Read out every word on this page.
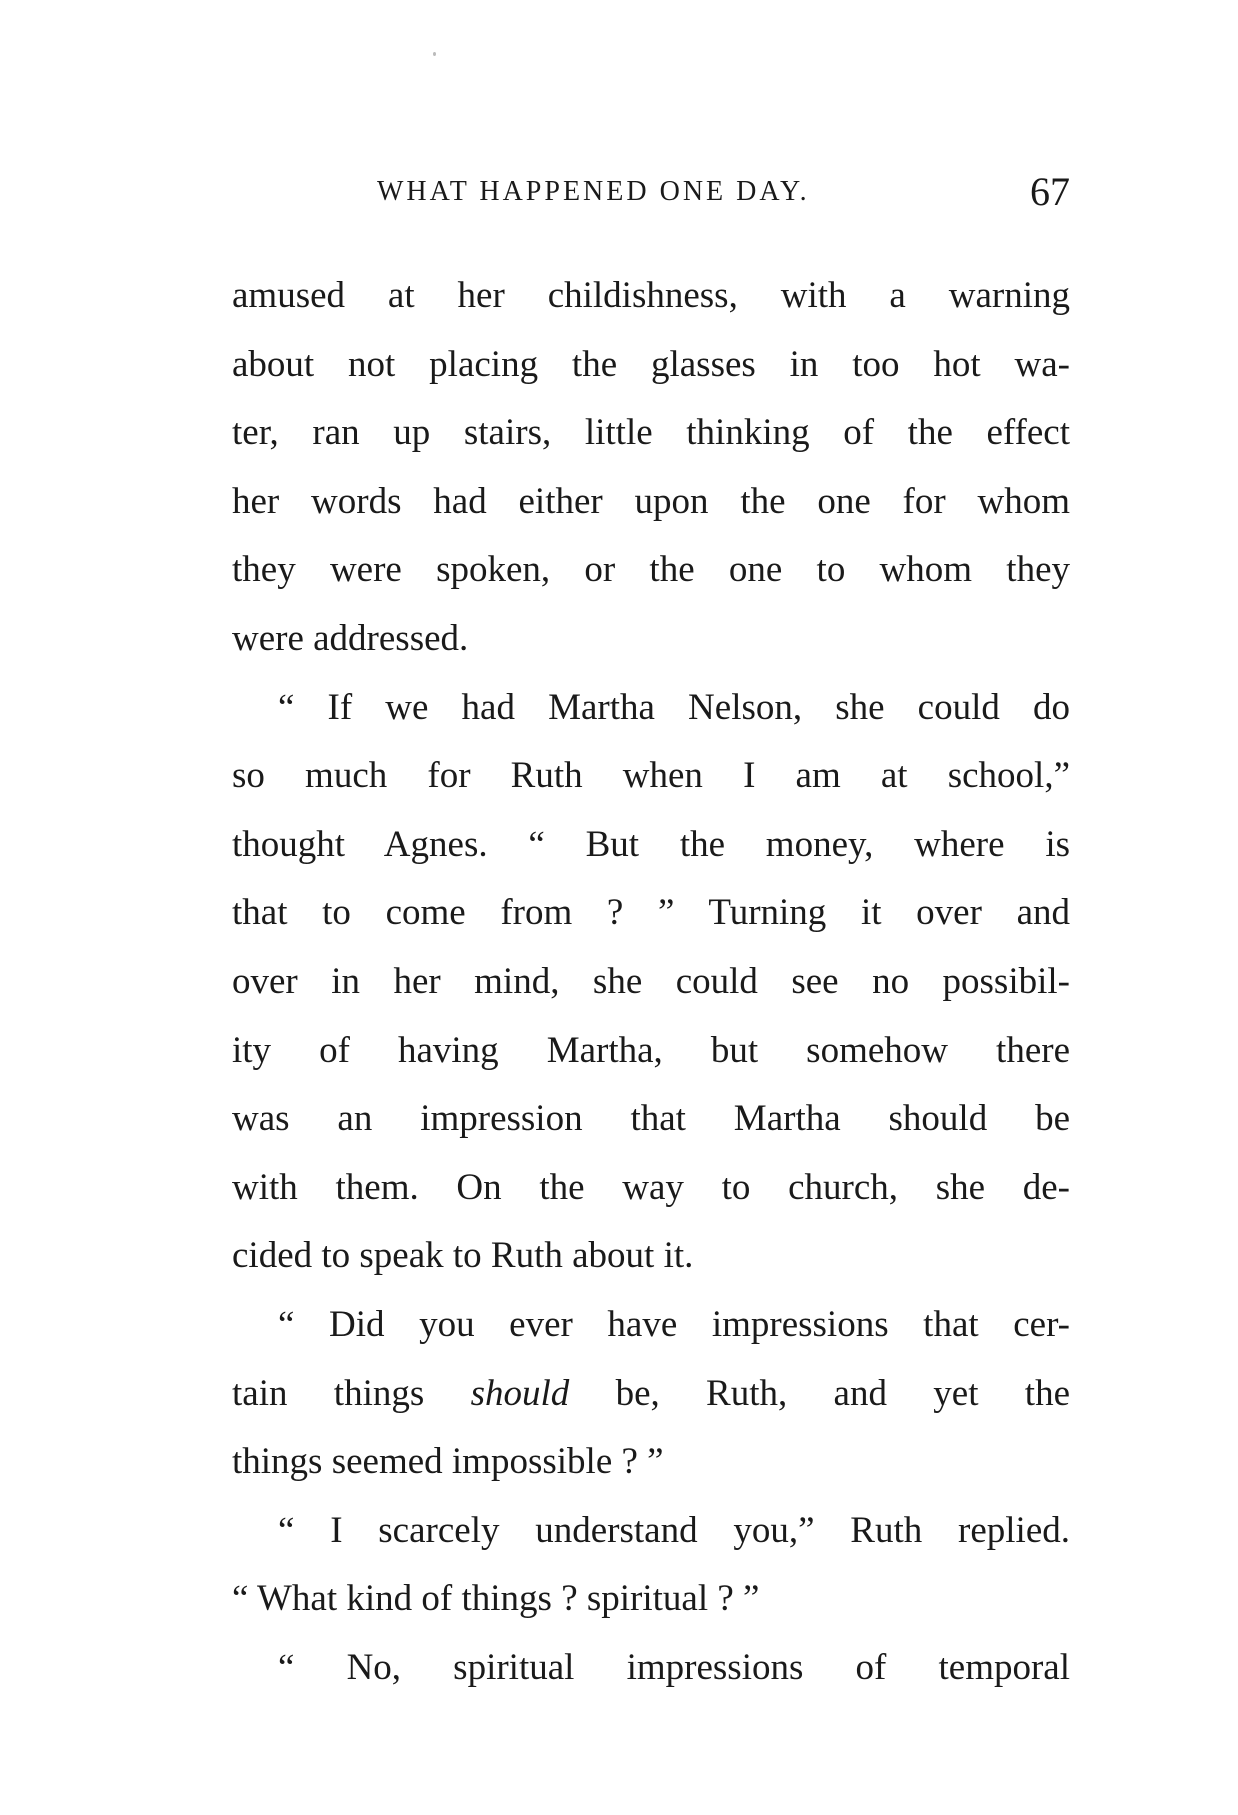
WHAT HAPPENED ONE DAY.	67
amused at her childishness, with a warning
about not placing the glasses in too hot wa-
ter, ran up stairs, little thinking of the effect
her words had either upon the one for whom
they were spoken, or the one to whom they
were addressed.
“ If we had Martha Nelson, she could do
so much for Ruth when I am at school,”
thought Agnes. “ But the money, where is
that to come from ? ” Turning it over and
over in her mind, she could see no possibil-
ity of having Martha, but somehow there
was an impression that Martha should be
with them. On the way to church, she de-
cided to speak to Ruth about it.
“ Did you ever have impressions that cer-
tain things should be, Ruth, and yet the
things seemed impossible ? ”
“ I scarcely understand you,” Ruth replied.
“ What kind of things ? spiritual ? ”
“ No, spiritual impressions of temporal
